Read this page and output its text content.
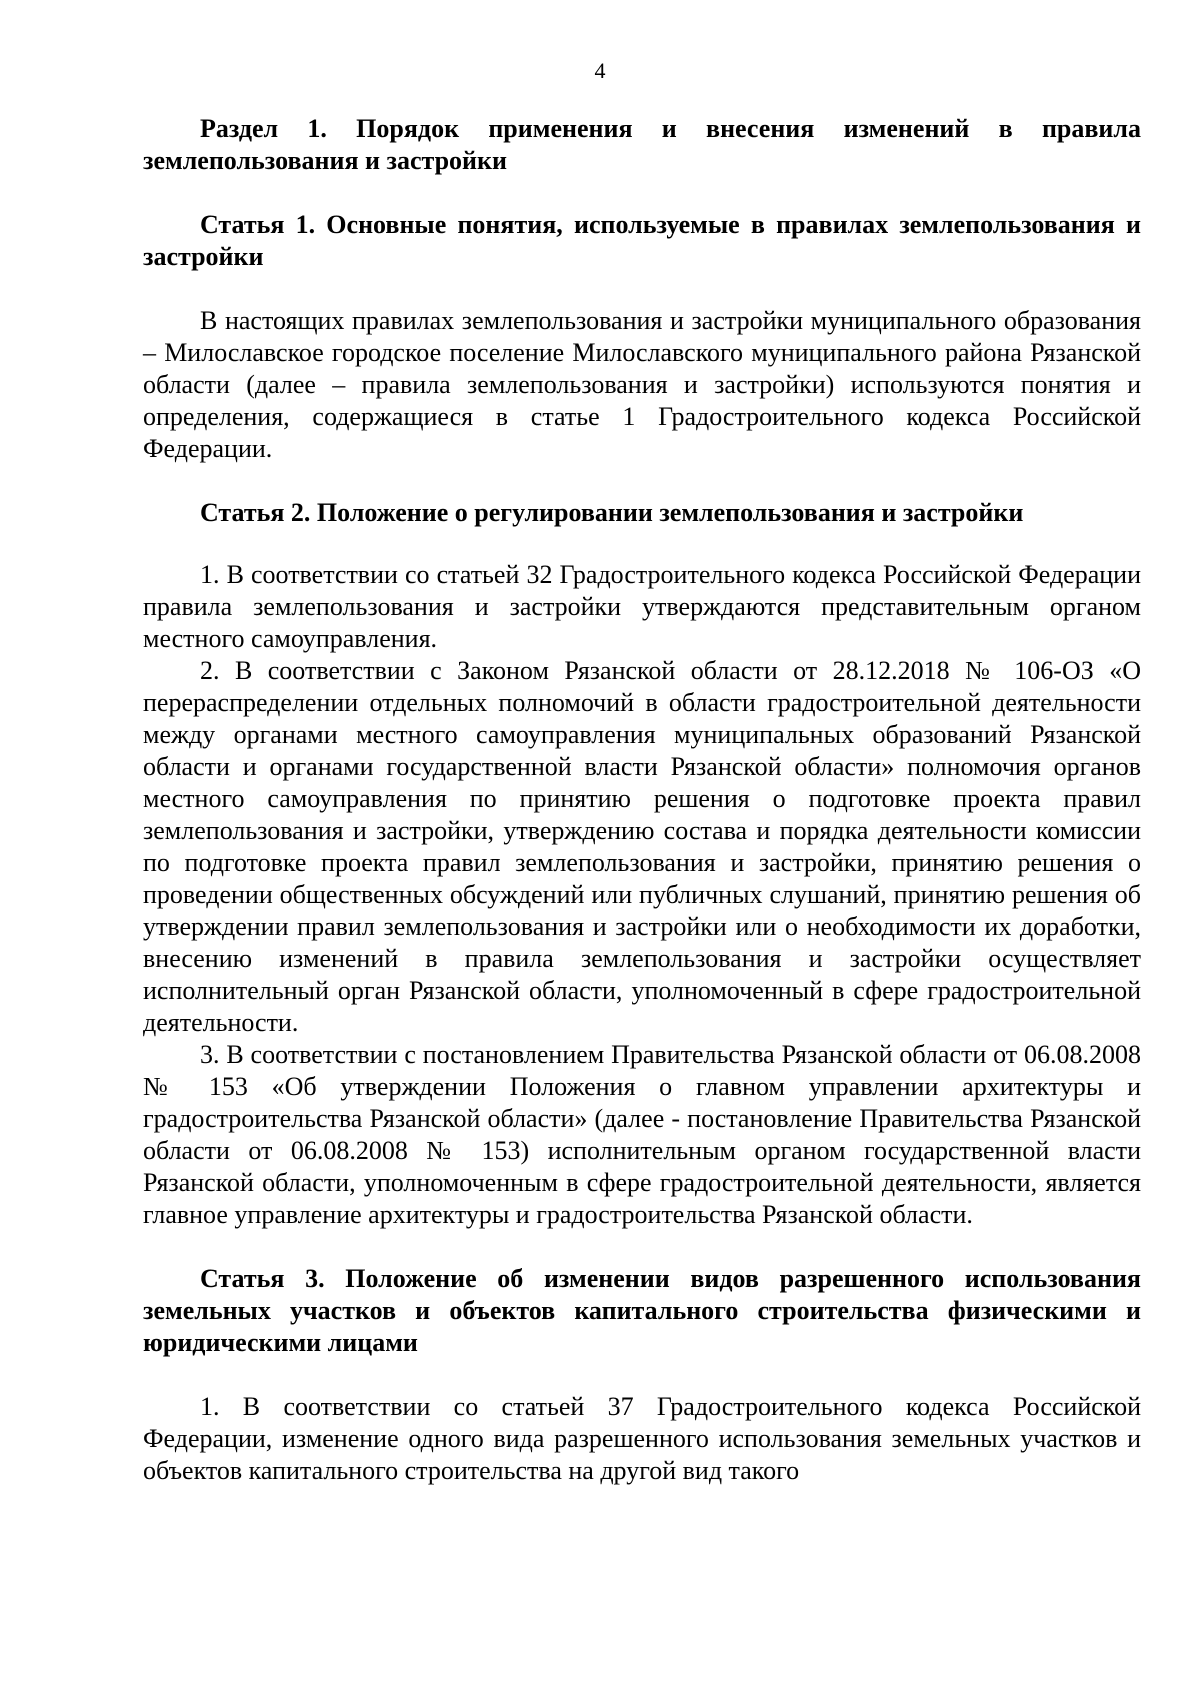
4

Раздел 1. Порядок применения и внесения изменений в правила землепользования и застройки

Статья 1. Основные понятия, используемые в правилах землепользования и застройки

В настоящих правилах землепользования и застройки муниципального образования – Милославское городское поселение Милославского муниципального района Рязанской области (далее – правила землепользования и застройки) используются понятия и определения, содержащиеся в статье 1 Градостроительного кодекса Российской Федерации.

Статья 2. Положение о регулировании землепользования и застройки

1. В соответствии со статьей 32 Градостроительного кодекса Российской Федерации правила землепользования и застройки утверждаются представительным органом местного самоуправления.

2. В соответствии с Законом Рязанской области от 28.12.2018 № 106-ОЗ «О перераспределении отдельных полномочий в области градостроительной деятельности между органами местного самоуправления муниципальных образований Рязанской области и органами государственной власти Рязанской области» полномочия органов местного самоуправления по принятию решения о подготовке проекта правил землепользования и застройки, утверждению состава и порядка деятельности комиссии по подготовке проекта правил землепользования и застройки, принятию решения о проведении общественных обсуждений или публичных слушаний, принятию решения об утверждении правил землепользования и застройки или о необходимости их доработки, внесению изменений в правила землепользования и застройки осуществляет исполнительный орган Рязанской области, уполномоченный в сфере градостроительной деятельности.

3. В соответствии с постановлением Правительства Рязанской области от 06.08.2008 № 153 «Об утверждении Положения о главном управлении архитектуры и градостроительства Рязанской области» (далее - постановление Правительства Рязанской области от 06.08.2008 № 153) исполнительным органом государственной власти Рязанской области, уполномоченным в сфере градостроительной деятельности, является главное управление архитектуры и градостроительства Рязанской области.

Статья 3. Положение об изменении видов разрешенного использования земельных участков и объектов капитального строительства физическими и юридическими лицами

1. В соответствии со статьей 37 Градостроительного кодекса Российской Федерации, изменение одного вида разрешенного использования земельных участков и объектов капитального строительства на другой вид такого
